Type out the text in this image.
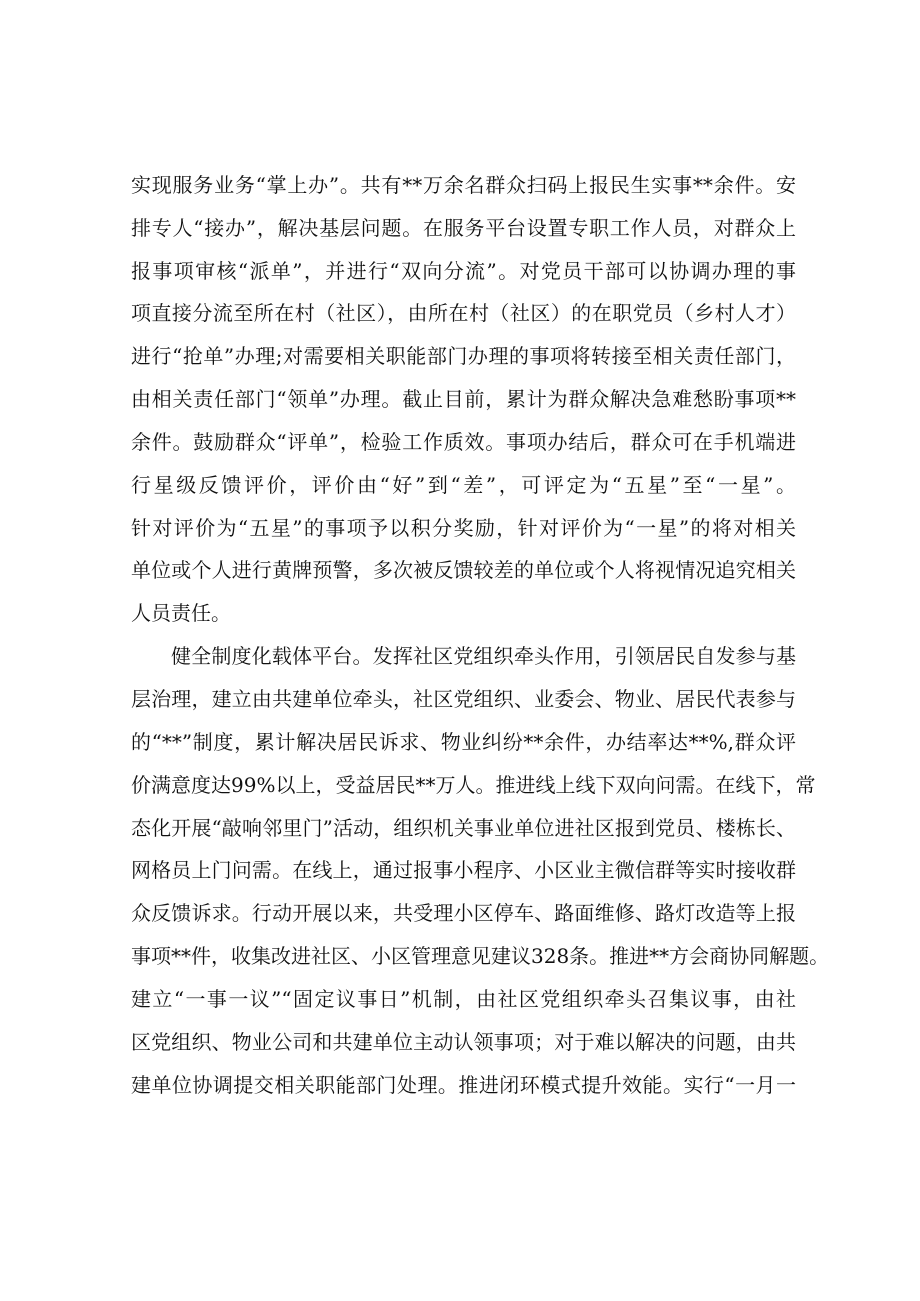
实现服务业务“掌上办”。共有**万余名群众扫码上报民生实事**余件。安
排专人“接办”，解决基层问题。在服务平台设置专职工作人员，对群众上
报事项审核“派单”，并进行“双向分流”。对党员干部可以协调办理的事
项直接分流至所在村（社区），由所在村（社区）的在职党员（乡村人才）
进行“抢单”办理;对需要相关职能部门办理的事项将转接至相关责任部门，
由相关责任部门“领单”办理。截止目前，累计为群众解决急难愁盼事项**
余件。鼓励群众“评单”，检验工作质效。事项办结后，群众可在手机端进
行星级反馈评价，评价由“好”到“差”，可评定为“五星”至“一星”。
针对评价为“五星”的事项予以积分奖励，针对评价为“一星”的将对相关
单位或个人进行黄牌预警，多次被反馈较差的单位或个人将视情况追究相关
人员责任。
健全制度化载体平台。发挥社区党组织牵头作用，引领居民自发参与基
层治理，建立由共建单位牵头，社区党组织、业委会、物业、居民代表参与
的“**”制度，累计解决居民诉求、物业纠纷**余件，办结率达**%,群众评
价满意度达99%以上，受益居民**万人。推进线上线下双向问需。在线下，常
态化开展“敲响邻里门”活动，组织机关事业单位进社区报到党员、楼栋长、
网格员上门问需。在线上，通过报事小程序、小区业主微信群等实时接收群
众反馈诉求。行动开展以来，共受理小区停车、路面维修、路灯改造等上报
事项**件，收集改进社区、小区管理意见建议328条。推进**方会商协同解题。
建立“一事一议”“固定议事日”机制，由社区党组织牵头召集议事，由社
区党组织、物业公司和共建单位主动认领事项；对于难以解决的问题，由共
建单位协调提交相关职能部门处理。推进闭环模式提升效能。实行“一月一
